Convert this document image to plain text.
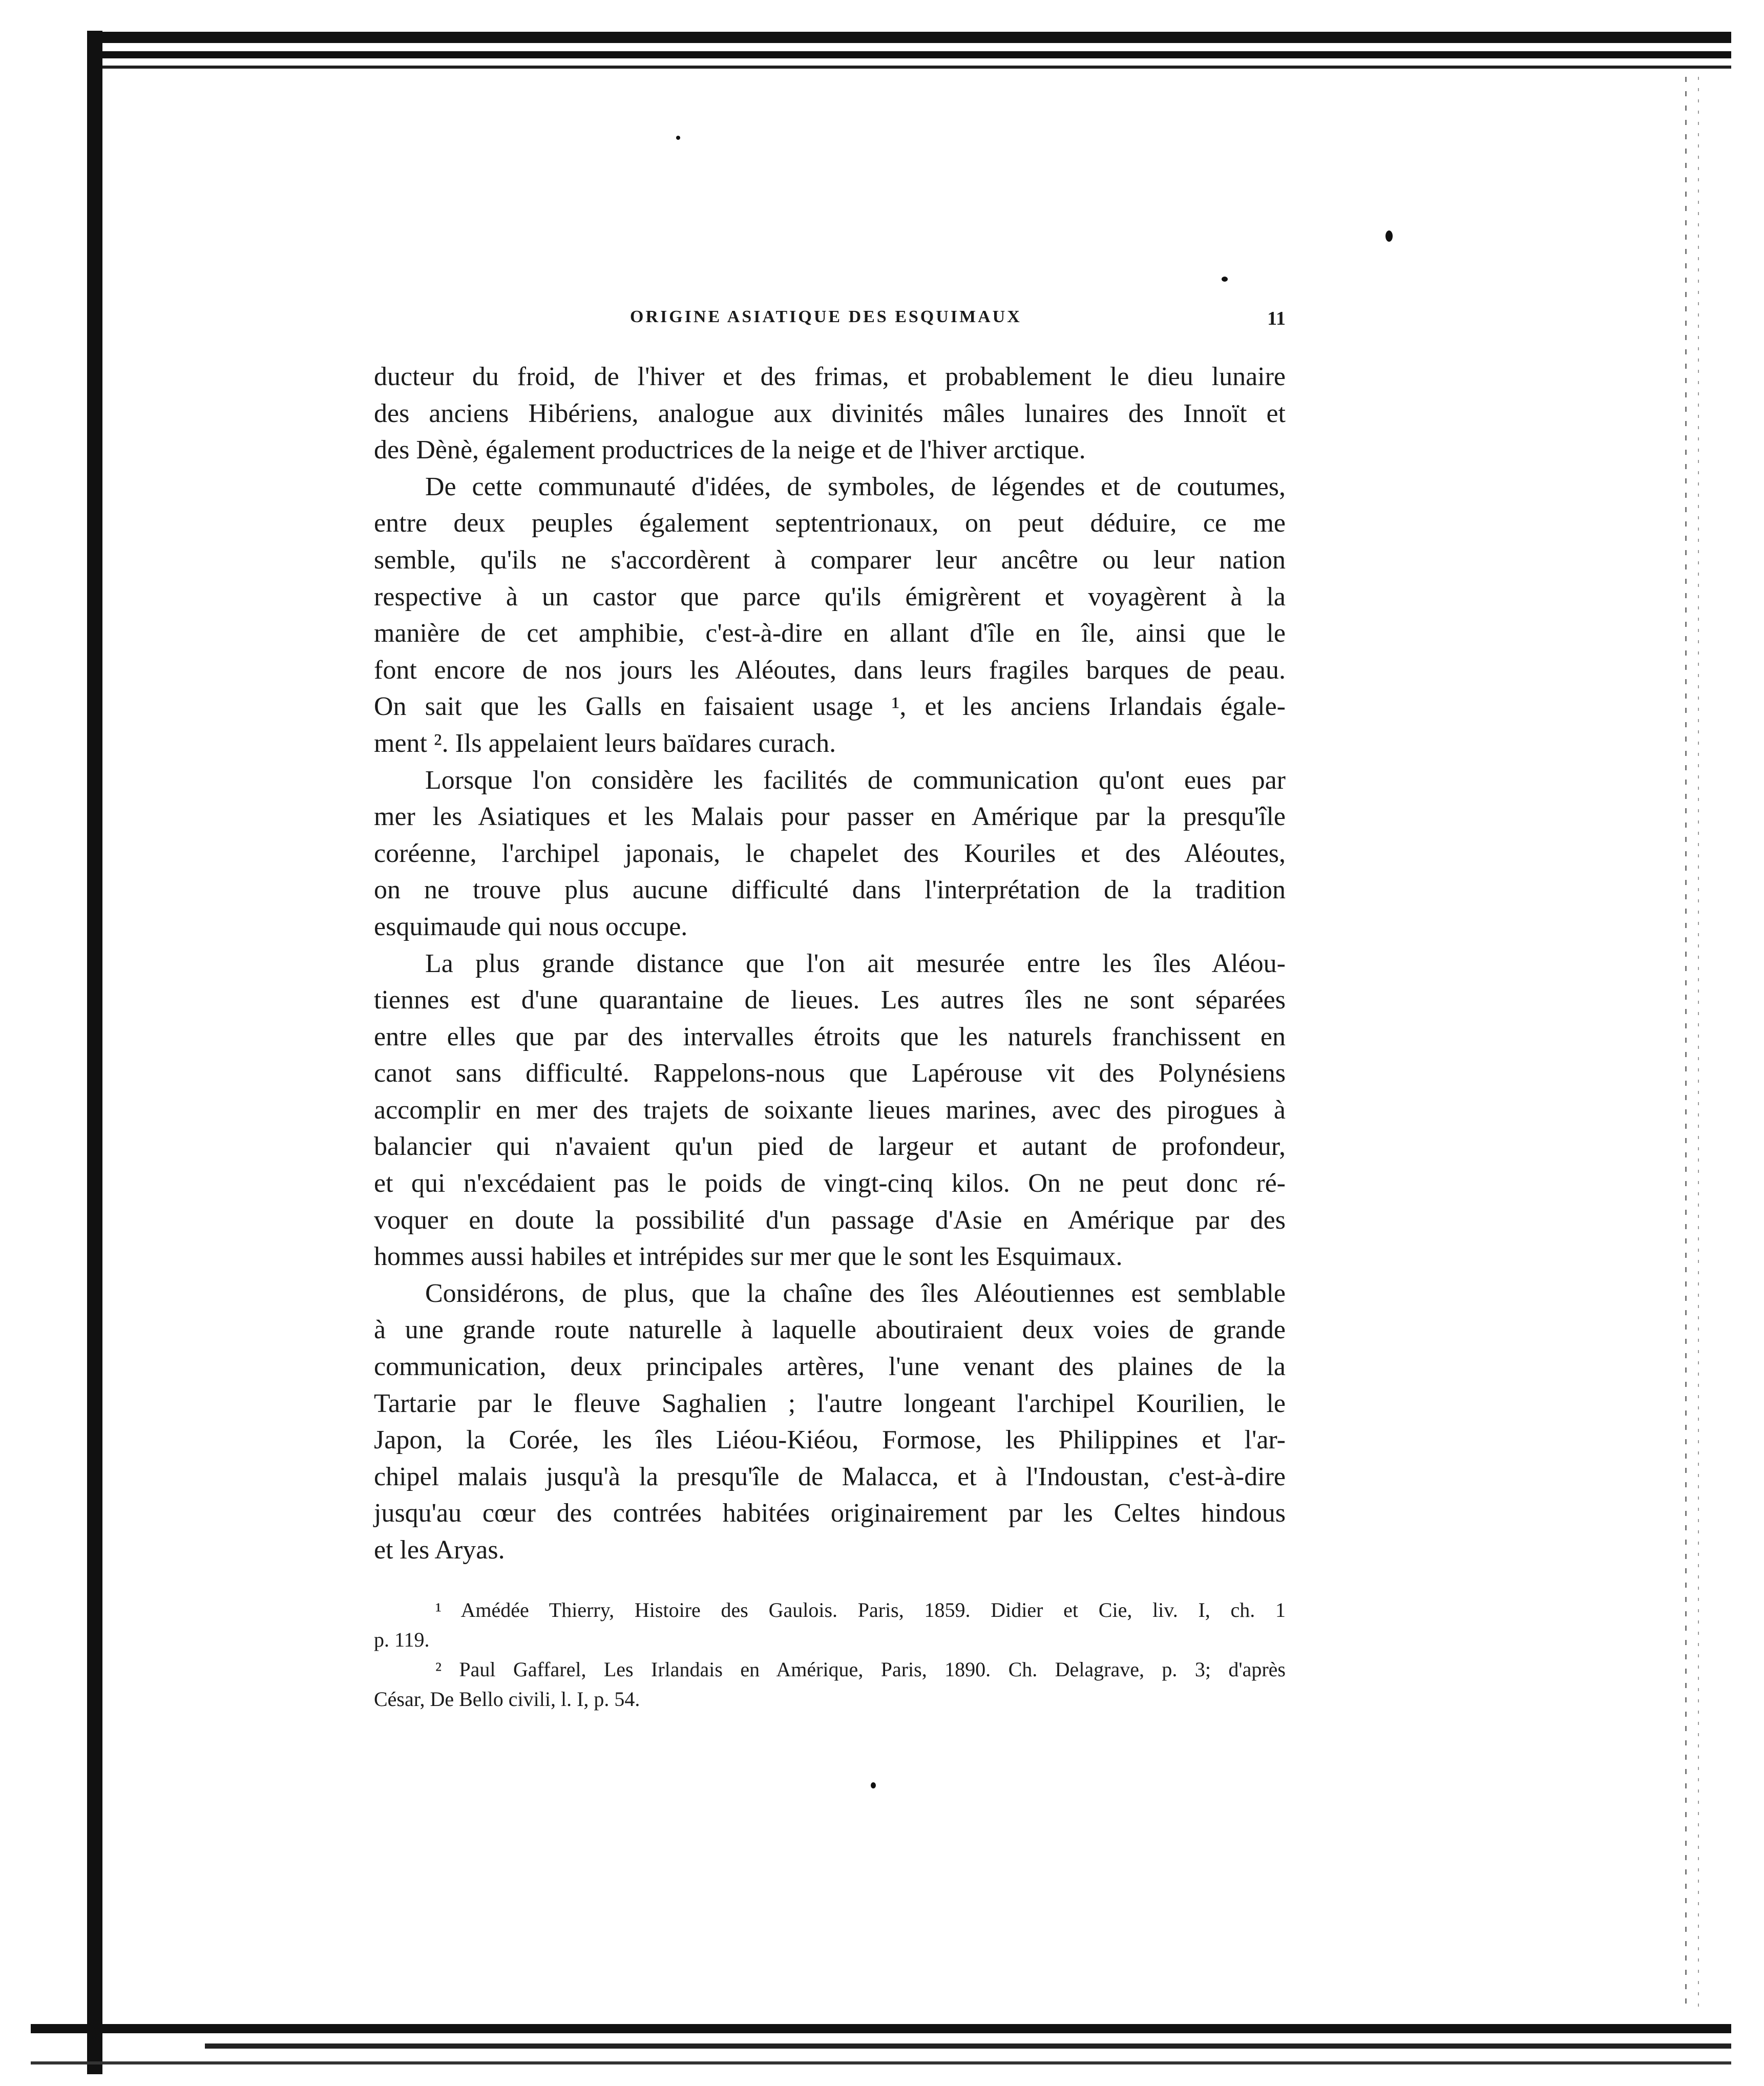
ORIGINE ASIATIQUE DES ESQUIMAUX	11
ducteur du froid, de l'hiver et des frimas, et probablement le dieu lunaire
des anciens Hibériens, analogue aux divinités mâles lunaires des Innoït et
des Dènè, également productrices de la neige et de l'hiver arctique.
De cette communauté d'idées, de symboles, de légendes et de coutumes,
entre deux peuples également septentrionaux, on peut déduire, ce me
semble, qu'ils ne s'accordèrent à comparer leur ancêtre ou leur nation
respective à un castor que parce qu'ils émigrèrent et voyagèrent à la
manière de cet amphibie, c'est-à-dire en allant d'île en île, ainsi que le
font encore de nos jours les Aléoutes, dans leurs fragiles barques de peau.
On sait que les Galls en faisaient usage ¹, et les anciens Irlandais égale-
ment ². Ils appelaient leurs baïdares curach.
Lorsque l'on considère les facilités de communication qu'ont eues par
mer les Asiatiques et les Malais pour passer en Amérique par la presqu'île
coréenne, l'archipel japonais, le chapelet des Kouriles et des Aléoutes,
on ne trouve plus aucune difficulté dans l'interprétation de la tradition
esquimaude qui nous occupe.
La plus grande distance que l'on ait mesurée entre les îles Aléou-
tiennes est d'une quarantaine de lieues. Les autres îles ne sont séparées
entre elles que par des intervalles étroits que les naturels franchissent en
canot sans difficulté. Rappelons-nous que Lapérouse vit des Polynésiens
accomplir en mer des trajets de soixante lieues marines, avec des pirogues à
balancier qui n'avaient qu'un pied de largeur et autant de profondeur,
et qui n'excédaient pas le poids de vingt-cinq kilos. On ne peut donc ré-
voquer en doute la possibilité d'un passage d'Asie en Amérique par des
hommes aussi habiles et intrépides sur mer que le sont les Esquimaux.
Considérons, de plus, que la chaîne des îles Aléoutiennes est semblable
à une grande route naturelle à laquelle aboutiraient deux voies de grande
communication, deux principales artères, l'une venant des plaines de la
Tartarie par le fleuve Saghalien ; l'autre longeant l'archipel Kourilien, le
Japon, la Corée, les îles Liéou-Kiéou, Formose, les Philippines et l'ar-
chipel malais jusqu'à la presqu'île de Malacca, et à l'Indoustan, c'est-à-dire
jusqu'au cœur des contrées habitées originairement par les Celtes hindous
et les Aryas.
¹ Amédée Thierry, Histoire des Gaulois. Paris, 1859. Didier et Cie, liv. I, ch. 1
p. 119.
² Paul Gaffarel, Les Irlandais en Amérique, Paris, 1890. Ch. Delagrave, p. 3; d'après
César, De Bello civili, l. I, p. 54.
